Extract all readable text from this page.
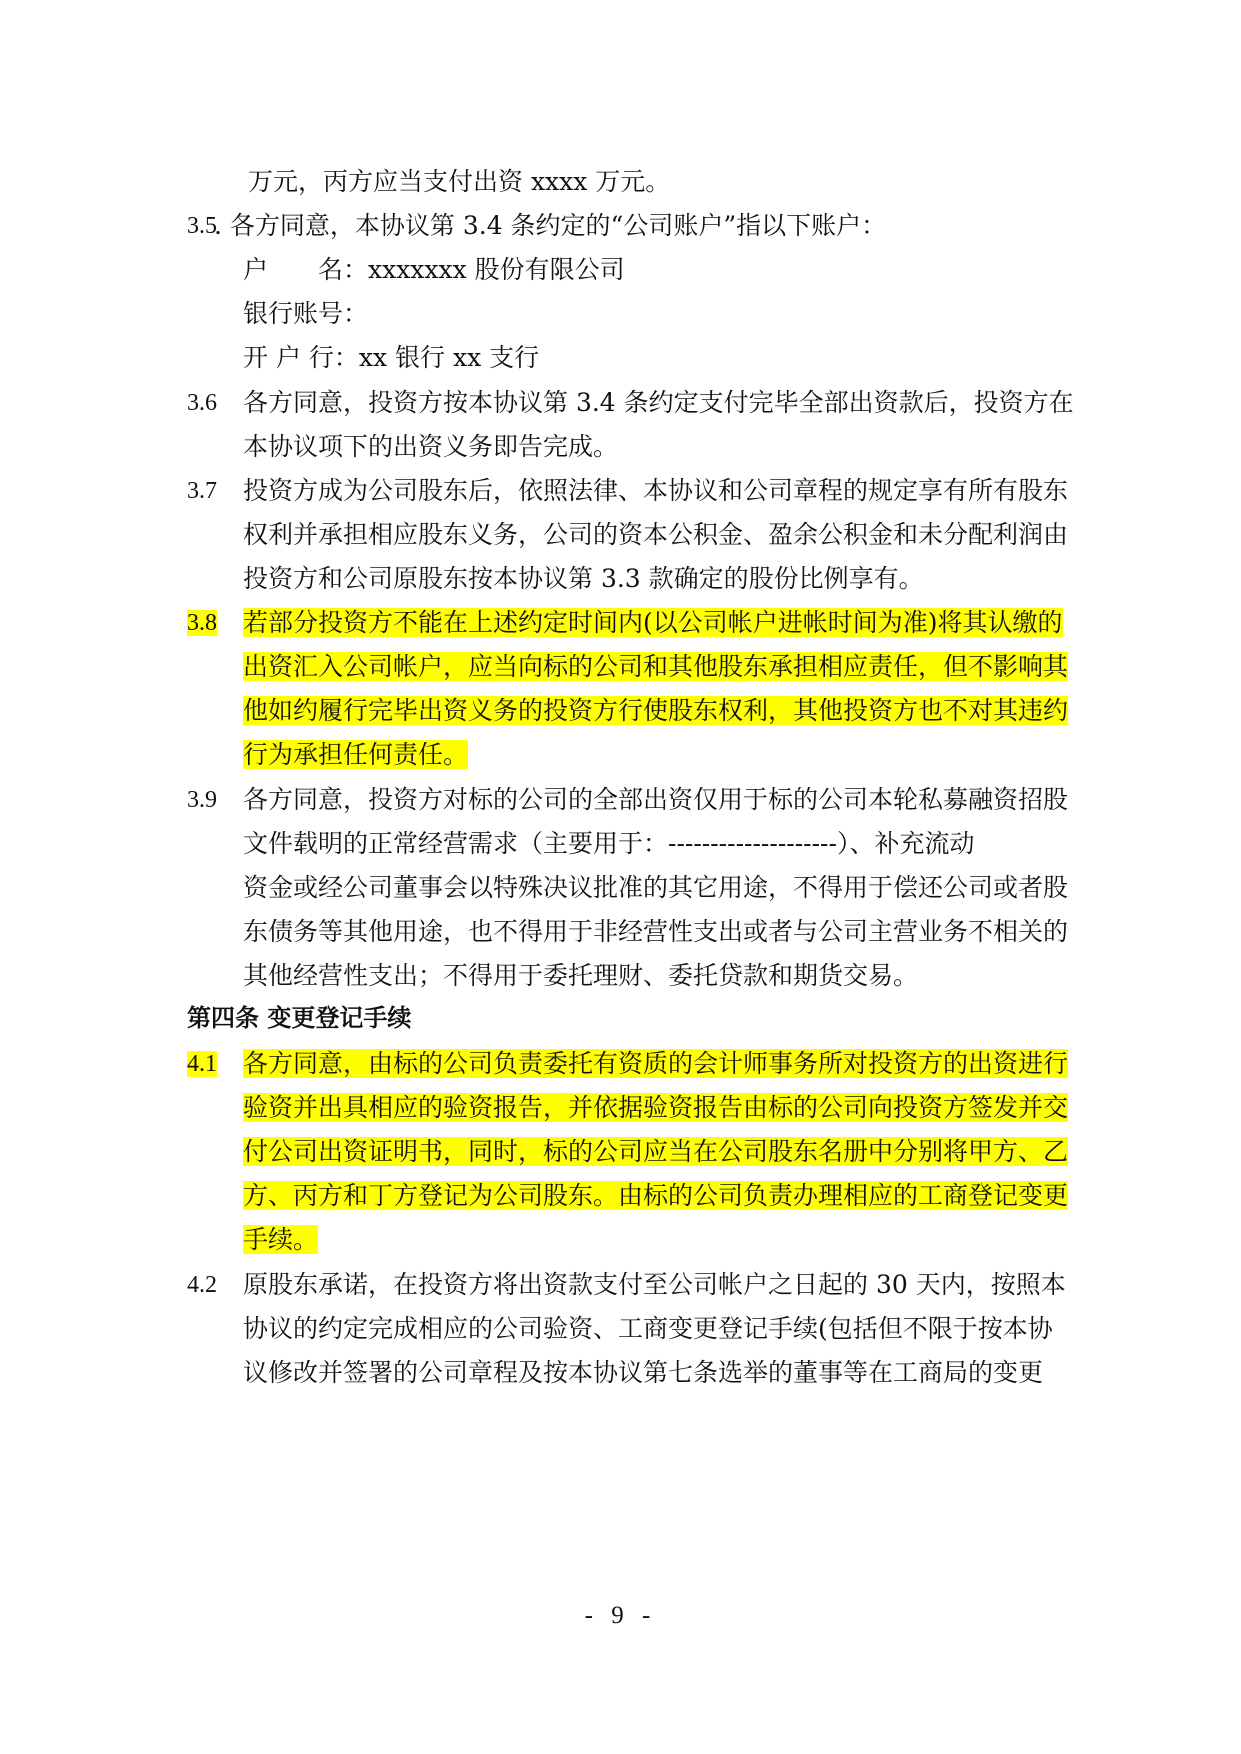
万元，丙方应当支付出资 xxxx 万元。
3.5
. 各方同意，本协议第 3.4 条约定的“公司账户”指以下账户：
户　　名：xxxxxxx 股份有限公司
银行账号：
开 户 行：xx 银行 xx 支行
3.6 各方同意，投资方按本协议第 3.4 条约定支付完毕全部出资款后，投资方在
本协议项下的出资义务即告完成。
3.7 投资方成为公司股东后，依照法律、本协议和公司章程的规定享有所有股东
权利并承担相应股东义务，公司的资本公积金、盈余公积金和未分配利润由
投资方和公司原股东按本协议第 3.3 款确定的股份比例享有。
3.8 若部分投资方不能在上述约定时间内(以公司帐户进帐时间为准)将其认缴的
出资汇入公司帐户，应当向标的公司和其他股东承担相应责任，但不影响其
他如约履行完毕出资义务的投资方行使股东权利，其他投资方也不对其违约
行为承担任何责任。
3.9 各方同意，投资方对标的公司的全部出资仅用于标的公司本轮私募融资招股
文件载明的正常经营需求（主要用于：--------------------）、补充流动
资金或经公司董事会以特殊决议批准的其它用途，不得用于偿还公司或者股
东债务等其他用途，也不得用于非经营性支出或者与公司主营业务不相关的
其他经营性支出；不得用于委托理财、委托贷款和期货交易。
第四条 变更登记手续
4.1 各方同意，由标的公司负责委托有资质的会计师事务所对投资方的出资进行
验资并出具相应的验资报告，并依据验资报告由标的公司向投资方签发并交
付公司出资证明书，同时，标的公司应当在公司股东名册中分别将甲方、乙
方、丙方和丁方登记为公司股东。由标的公司负责办理相应的工商登记变更
手续。
4.2 原股东承诺，在投资方将出资款支付至公司帐户之日起的 30 天内，按照本
协议的约定完成相应的公司验资、工商变更登记手续(包括但不限于按本协
议修改并签署的公司章程及按本协议第七条选举的董事等在工商局的变更
- 9 -
